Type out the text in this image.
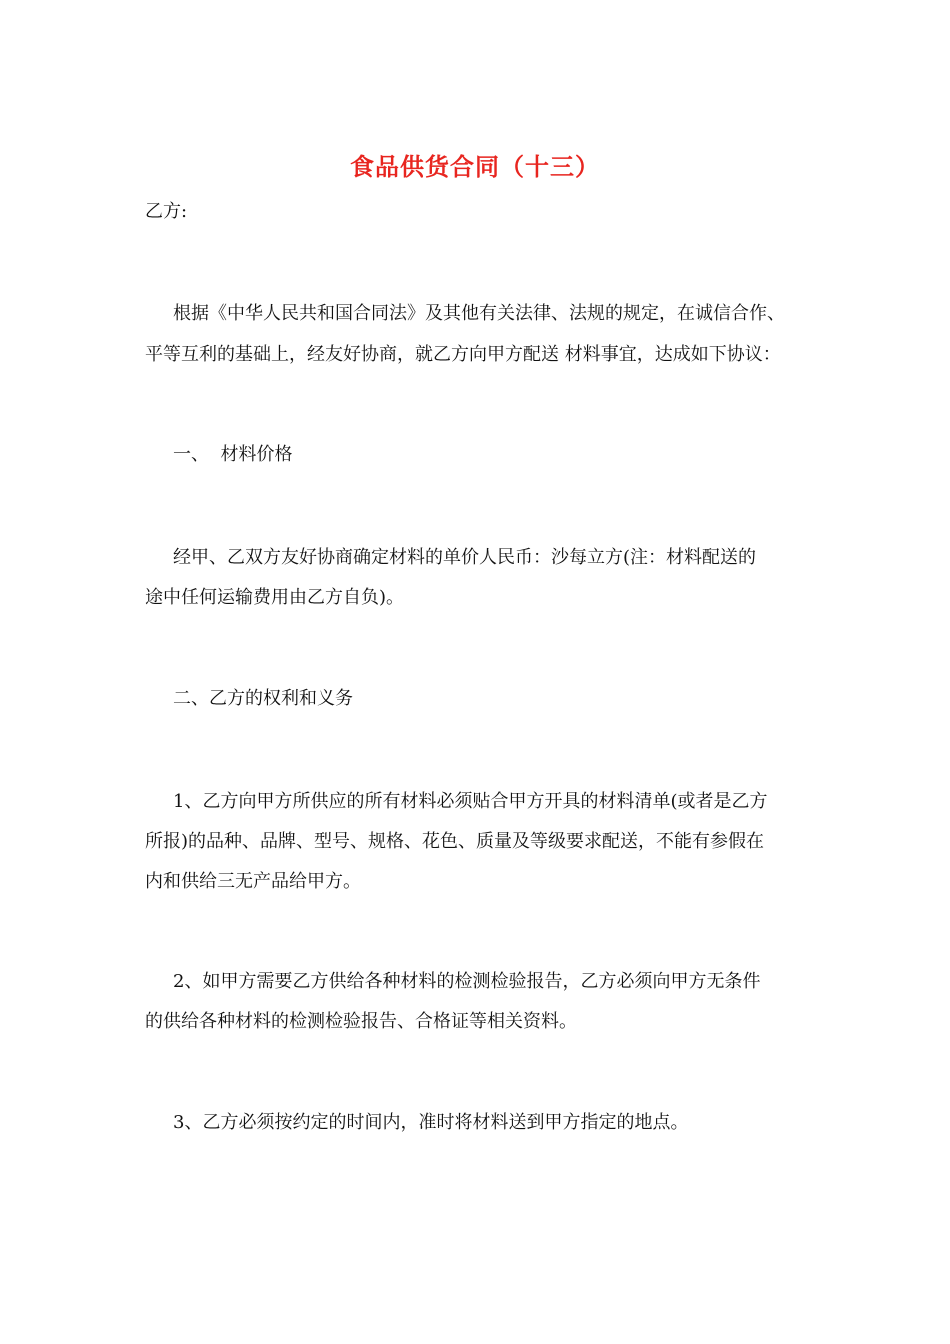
食品供货合同（十三）
乙方:
根据《中华人民共和国合同法》及其他有关法律、法规的规定，在诚信合作、
平等互利的基础上，经友好协商，就乙方向甲方配送 材料事宜，达成如下协议：
一、  材料价格
经甲、乙双方友好协商确定材料的单价人民币：沙每立方(注：材料配送的
途中任何运输费用由乙方自负)。
二、乙方的权利和义务
1、乙方向甲方所供应的所有材料必须贴合甲方开具的材料清单(或者是乙方
所报)的品种、品牌、型号、规格、花色、质量及等级要求配送，不能有参假在
内和供给三无产品给甲方。
2、如甲方需要乙方供给各种材料的检测检验报告，乙方必须向甲方无条件
的供给各种材料的检测检验报告、合格证等相关资料。
3、乙方必须按约定的时间内，准时将材料送到甲方指定的地点。
